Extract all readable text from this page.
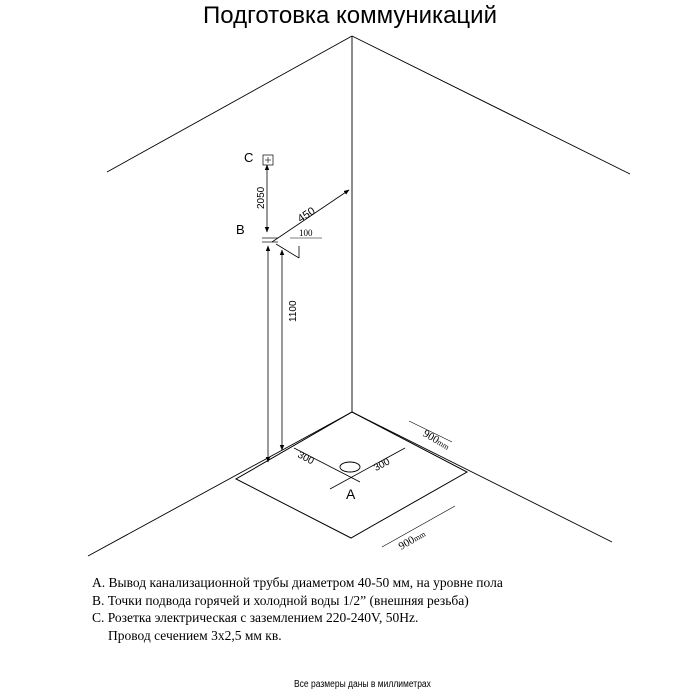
Подготовка коммуникаций
A
300	300
900mm
900mm
C
2050
B	100
450
1100
A. Вывод канализационной трубы диаметром 40-50 мм, на уровне пола
B. Точки подвода горячей и холодной воды 1/2” (внешняя резьба)
C. Розетка электрическая с заземлением 220-240V, 50Hz.
Провод сечением 3x2,5 мм кв.
Все размеры даны в миллиметрах
